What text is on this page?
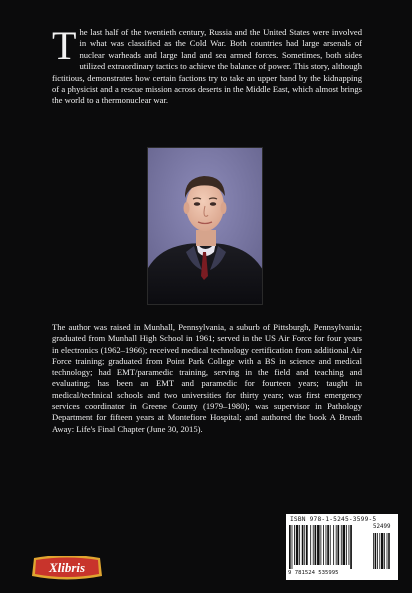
The last half of the twentieth century, Russia and the United States were involved in what was classified as the Cold War. Both countries had large arsenals of nuclear warheads and large land and sea armed forces. Sometimes, both sides utilized extraordinary tactics to achieve the balance of power. This story, although fictitious, demonstrates how certain factions try to take an upper hand by the kidnapping of a physicist and a rescue mission across deserts in the Middle East, which almost brings the world to a thermonuclear war.
The author was raised in Munhall, Pennsylvania, a suburb of Pittsburgh, Pennsylvania; graduated from Munhall High School in 1961; served in the US Air Force for four years in electronics (1962–1966); received medical technology certification from additional Air Force training; graduated from Point Park College with a BS in science and medical technology; had EMT/paramedic training, serving in the field and teaching and evaluating; has been an EMT and paramedic for fourteen years; taught in medical/technical schools and two universities for thirty years; was first emergency services coordinator in Greene County (1979–1980); was supervisor in Pathology Department for fifteen years at Montefiore Hospital; and authored the book A Breath Away: Life's Final Chapter (June 30, 2015).
ISBN 978-1-5245-3599-5
52499
9 781524 535995
Xlibris
